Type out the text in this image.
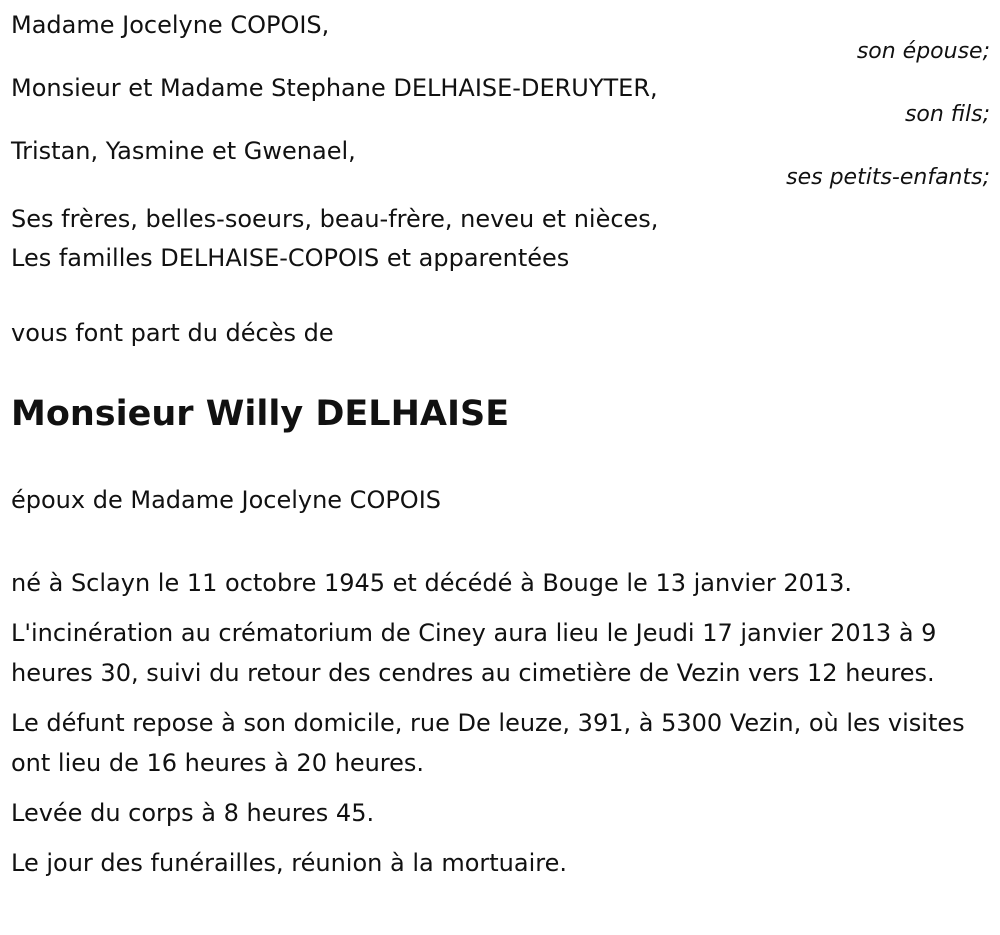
Madame Jocelyne COPOIS,
son épouse;
Monsieur et Madame Stephane DELHAISE-DERUYTER,
son fils;
Tristan, Yasmine et Gwenael,
ses petits-enfants;
Ses frères, belles-soeurs, beau-frère, neveu et nièces,
Les familles DELHAISE-COPOIS et apparentées
vous font part du décès de
Monsieur Willy DELHAISE
époux de Madame Jocelyne COPOIS

né à Sclayn le 11 octobre 1945 et décédé à Bouge le 13 janvier 2013.

L'incinération au crématorium de Ciney aura lieu le Jeudi 17 janvier 2013 à 9 heures 30, suivi du retour des cendres au cimetière de Vezin vers 12 heures.

Le défunt repose à son domicile, rue De leuze, 391, à 5300 Vezin, où les visites ont lieu de 16 heures à 20 heures.

Levée du corps à 8 heures 45.

Le jour des funérailles, réunion à la mortuaire.
